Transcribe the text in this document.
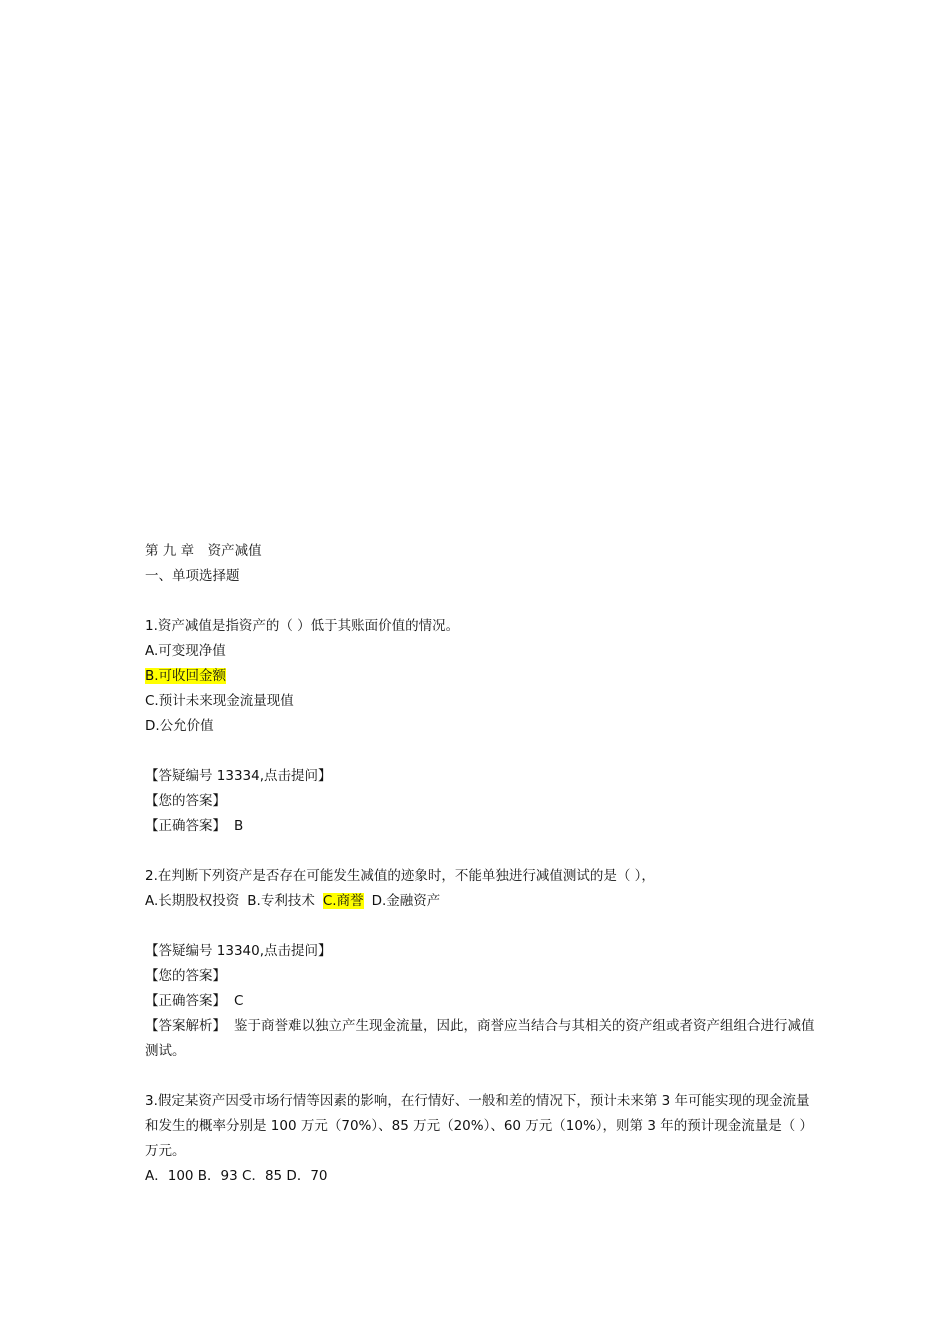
第 九 章　资产减值
一、单项选择题
1.资产减值是指资产的（ ）低于其账面价值的情况。
A.可变现净值
B.可收回金额
C.预计未来现金流量现值
D.公允价值
【答疑编号 13334,点击提问】
【您的答案】
【正确答案】 B
2.在判断下列资产是否存在可能发生减值的迹象时，不能单独进行减值测试的是（ ），
A.长期股权投资 B.专利技术 C.商誉 D.金融资产
【答疑编号 13340,点击提问】
【您的答案】
【正确答案】 C
【答案解析】 鉴于商誉难以独立产生现金流量，因此，商誉应当结合与其相关的资产组或者资产组组合进行减值测试。
3.假定某资产因受市场行情等因素的影响，在行情好、一般和差的情况下，预计未来第 3 年可能实现的现金流量和发生的概率分别是 100 万元（70%）、85 万元（20%）、60 万元（10%），则第 3 年的预计现金流量是（ ）万元。
A．100 B．93 C．85 D．70
